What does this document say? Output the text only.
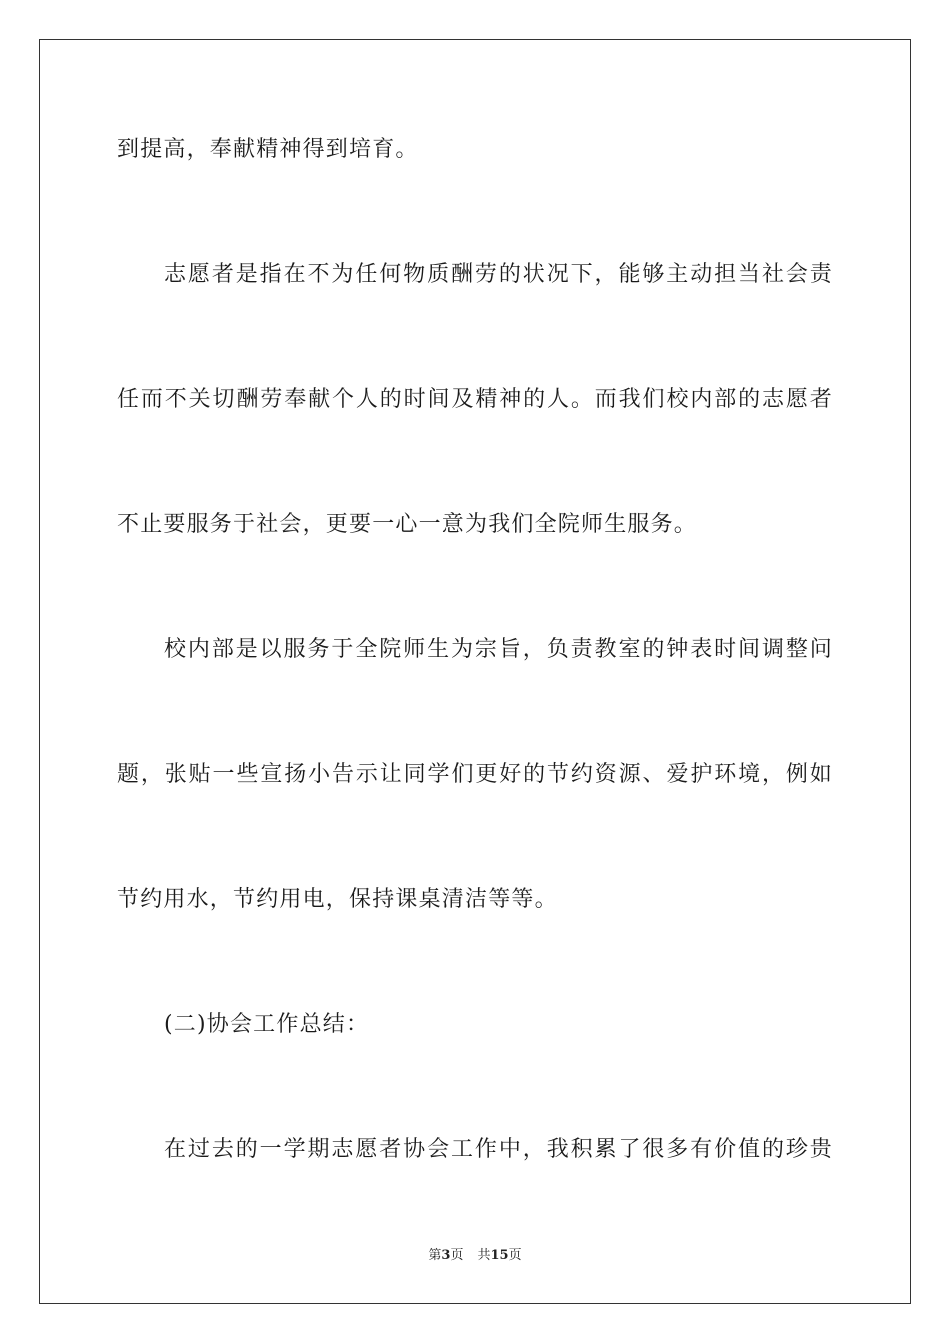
到提高，奉献精神得到培育。
志愿者是指在不为任何物质酬劳的状况下，能够主动担当社会责
任而不关切酬劳奉献个人的时间及精神的人。而我们校内部的志愿者
不止要服务于社会，更要一心一意为我们全院师生服务。
校内部是以服务于全院师生为宗旨，负责教室的钟表时间调整问
题，张贴一些宣扬小告示让同学们更好的节约资源、爱护环境，例如
节约用水，节约用电，保持课桌清洁等等。
(二)协会工作总结：
在过去的一学期志愿者协会工作中，我积累了很多有价值的珍贵
第3页 共15页
